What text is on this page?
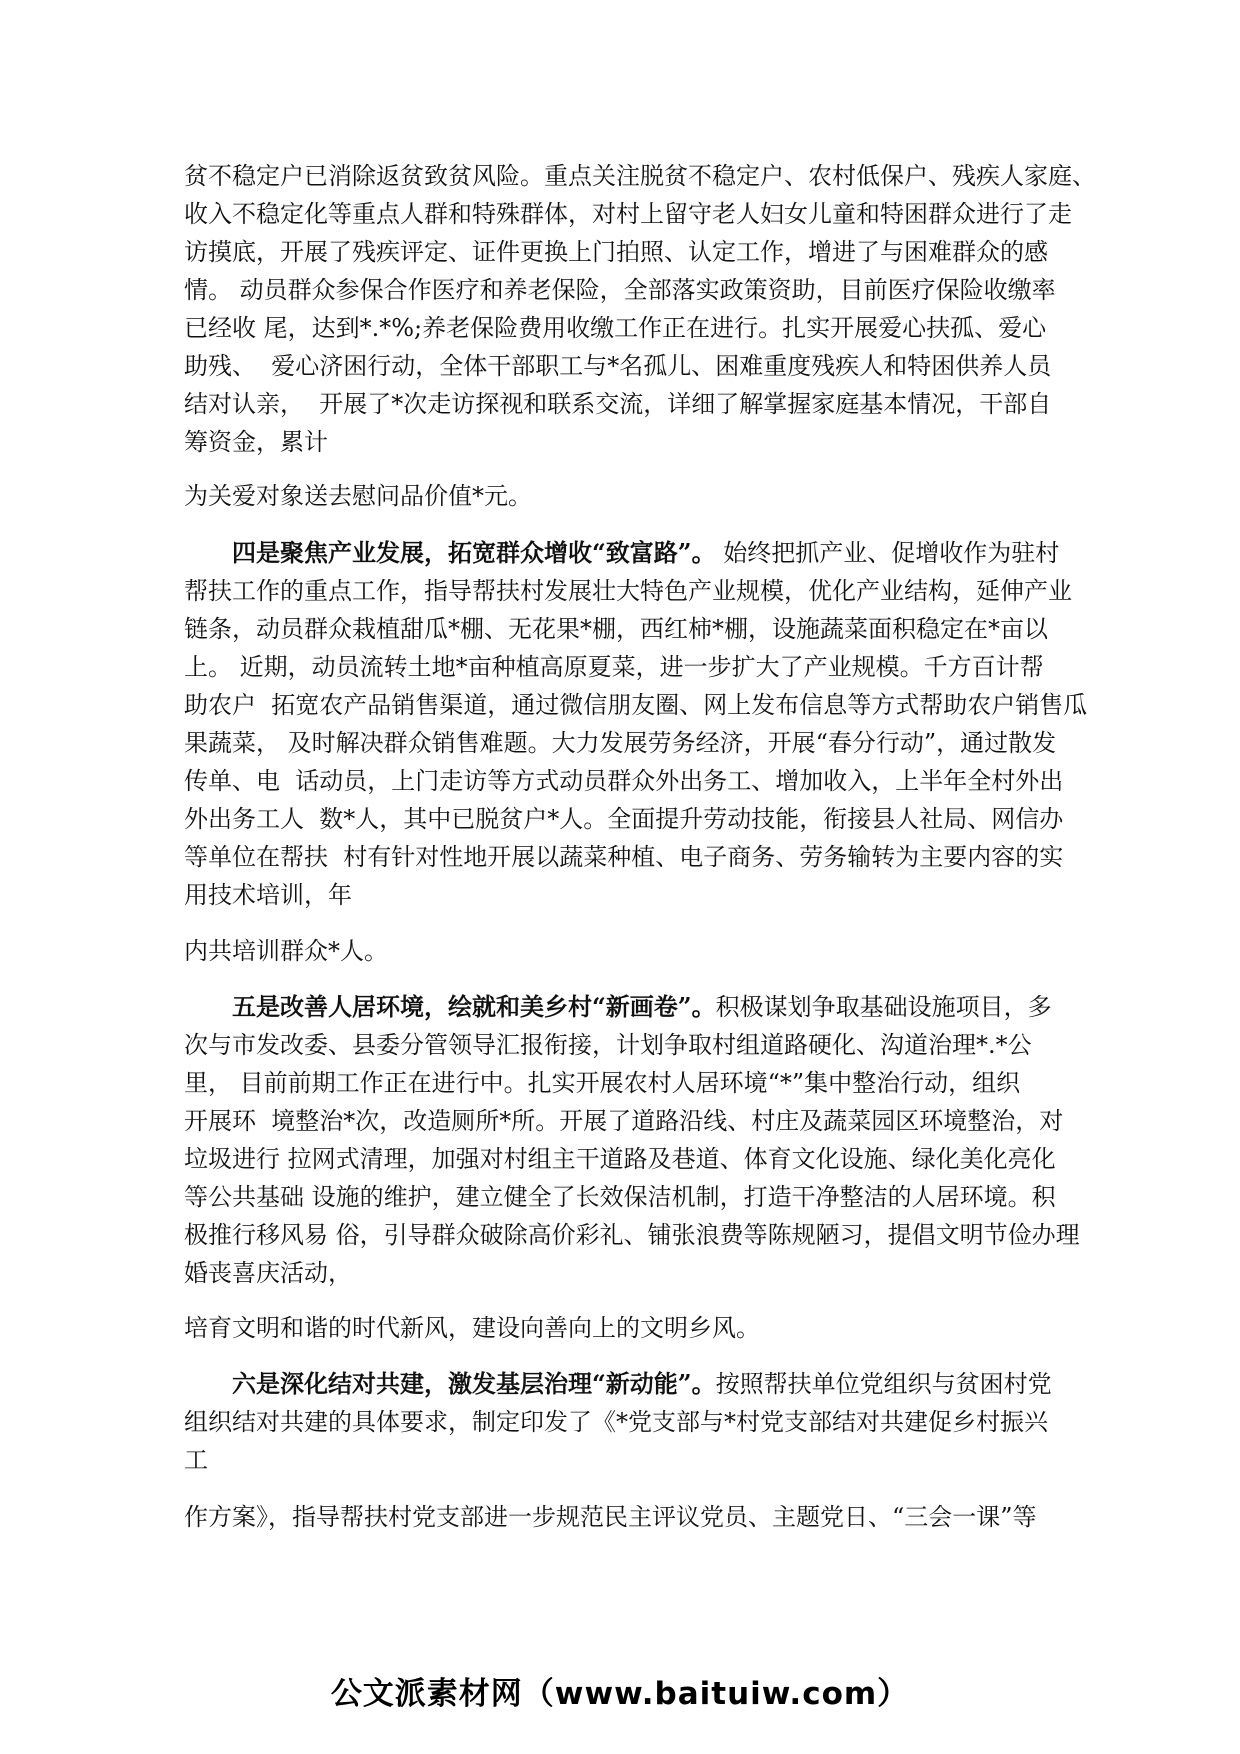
贫不稳定户已消除返贫致贫风险。重点关注脱贫不稳定户、农村低保户、残疾人家庭、
收入不稳定化等重点人群和特殊群体，对村上留守老人妇女儿童和特困群众进行了走
访摸底，开展了残疾评定、证件更换上门拍照、认定工作，增进了与困难群众的感
情。 动员群众参保合作医疗和养老保险，全部落实政策资助，目前医疗保险收缴率
已经收 尾，达到*.*%;养老保险费用收缴工作正在进行。扎实开展爱心扶孤、爱心
助残、  爱心济困行动，全体干部职工与*名孤儿、困难重度残疾人和特困供养人员
结对认亲，  开展了*次走访探视和联系交流，详细了解掌握家庭基本情况，干部自
筹资金，累计
为关爱对象送去慰问品价值*元。
四是聚焦产业发展，拓宽群众增收“致富路”。 始终把抓产业、促增收作为驻村
帮扶工作的重点工作，指导帮扶村发展壮大特色产业规模，优化产业结构，延伸产业
链条，动员群众栽植甜瓜*棚、无花果*棚，西红柿*棚，设施蔬菜面积稳定在*亩以
上。 近期，动员流转土地*亩种植高原夏菜，进一步扩大了产业规模。千方百计帮
助农户  拓宽农产品销售渠道，通过微信朋友圈、网上发布信息等方式帮助农户销售瓜
果蔬菜， 及时解决群众销售难题。大力发展劳务经济，开展“春分行动”，通过散发
传单、电  话动员，上门走访等方式动员群众外出务工、增加收入，上半年全村外出
外出务工人  数*人，其中已脱贫户*人。全面提升劳动技能，衔接县人社局、网信办
等单位在帮扶  村有针对性地开展以蔬菜种植、电子商务、劳务输转为主要内容的实
用技术培训，年
内共培训群众*人。
五是改善人居环境，绘就和美乡村“新画卷”。积极谋划争取基础设施项目，多
次与市发改委、县委分管领导汇报衔接，计划争取村组道路硬化、沟道治理*.*公
里， 目前前期工作正在进行中。扎实开展农村人居环境“*”集中整治行动，组织
开展环  境整治*次，改造厕所*所。开展了道路沿线、村庄及蔬菜园区环境整治，对
垃圾进行 拉网式清理，加强对村组主干道路及巷道、体育文化设施、绿化美化亮化
等公共基础 设施的维护，建立健全了长效保洁机制，打造干净整洁的人居环境。积
极推行移风易 俗，引导群众破除高价彩礼、铺张浪费等陈规陋习，提倡文明节俭办理
婚丧喜庆活动，
培育文明和谐的时代新风，建设向善向上的文明乡风。
六是深化结对共建，激发基层治理“新动能”。按照帮扶单位党组织与贫困村党
组织结对共建的具体要求，制定印发了《*党支部与*村党支部结对共建促乡村振兴
工
作方案》，指导帮扶村党支部进一步规范民主评议党员、主题党日、“三会一课”等
公文派素材网（www.baituiw.com）
